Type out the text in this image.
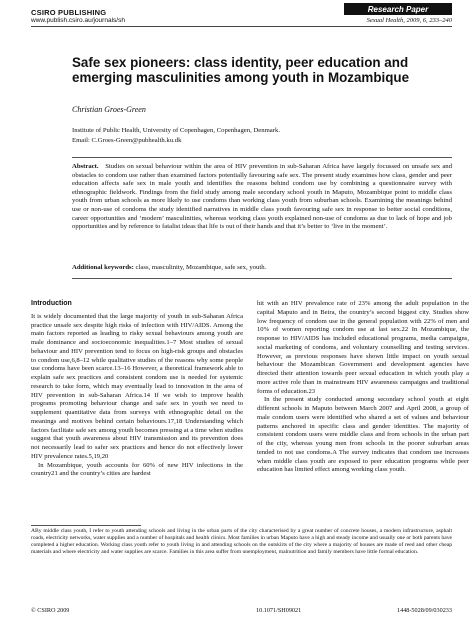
CSIRO PUBLISHING
www.publish.csiro.au/journals/sh
Research Paper
Sexual Health, 2009, 6, 233–240
Safe sex pioneers: class identity, peer education and emerging masculinities among youth in Mozambique
Christian Groes-Green
Institute of Public Health, University of Copenhagen, Copenhagen, Denmark.
Email: C.Groes-Green@pubhealth.ku.dk

Abstract. Studies on sexual behaviour within the area of HIV prevention in sub-Saharan Africa have largely focussed on unsafe sex and obstacles to condom use rather than examined factors potentially favouring safe sex. The present study examines how class, gender and peer education affects safe sex in male youth and identifies the reasons behind condom use by combining a questionnaire survey with ethnographic fieldwork. Findings from the field study among male secondary school youth in Maputo, Mozambique point to middle class youth from urban schools as more likely to use condoms than working class youth from suburban schools. Examining the meanings behind use or non-use of condoms the study identified narratives in middle class youth favouring safe sex in response to better social conditions, career opportunities and ‘modern’ masculinities, whereas working class youth explained non-use of condoms as due to lack of hope and job opportunities and by reference to fatalist ideas that life is out of their hands and that it’s better to ‘live in the moment’.

Additional keywords: class, masculinity, Mozambique, safe sex, youth.

Introduction

It is widely documented that the large majority of youth in sub-Saharan Africa practice unsafe sex despite high risks of infection with HIV/AIDS. Among the main factors reported as leading to risky sexual behaviours among youth are male dominance and socioeconomic inequalities.1–7 Most studies of sexual behaviour and HIV prevention tend to focus on high-risk groups and obstacles to condom use,6,8–12 while qualitative studies of the reasons why some people use condoms have been scarce.13–16 However, a theoretical framework able to explain safe sex practices and consistent condom use is needed for systemic research to take form, which may eventually lead to innovation in the area of HIV prevention in sub-Saharan Africa.14 If we wish to improve health programs promoting behaviour change and safe sex in youth we need to supplement quantitative data from surveys with ethnographic detail on the meanings and motives behind certain behaviours.17,18 Understanding which factors facilitate safe sex among youth becomes pressing at a time when studies suggest that youth awareness about HIV transmission and its prevention does not necessarily lead to safer sex practices and hence do not effectively lower HIV prevalence rates.5,19,20

In Mozambique, youth accounts for 60% of new HIV infections in the country21 and the country’s cities are hardest

hit with an HIV prevalence rate of 23% among the adult population in the capital Maputo and in Beira, the country’s second biggest city. Studies show low frequency of condom use in the general population with 22% of men and 10% of women reporting condom use at last sex.22 In Mozambique, the response to HIV/AIDS has included educational programs, media campaigns, social marketing of condoms, and voluntary counselling and testing services. However, as previous responses have shown little impact on youth sexual behaviour the Mozambican Government and development agencies have directed their attention towards peer sexual education in which youth play a more active role than in mainstream HIV awareness campaigns and traditional forms of education.23

In the present study conducted among secondary school youth at eight different schools in Maputo between March 2007 and April 2008, a group of male condom users were identified who shared a set of values and behaviour patterns anchored in specific class and gender identities. The majority of consistent condom users were middle class and from schools in the urban part of the city, whereas young men from schools in the poorer suburban areas tended to not use condoms.A The survey indicates that condom use increases when middle class youth are exposed to peer education programs while peer education has limited effect among working class youth.

ABy middle class youth, I refer to youth attending schools and living in the urban parts of the city characterised by a great number of concrete houses, a modern infrastructure, asphalt roads, electricity networks, water supplies and a number of hospitals and health clinics. Most families in urban Maputo have a high and steady income and usually one or both parents have completed a higher education. Working class youth refer to youth living in and attending schools on the outskirts of the city where a majority of houses are made of reed and other cheap materials and where electricity and water supplies are scarce. Families in this area suffer from unemployment, malnutrition and family members have little formal education.

© CSIRO 2009	10.1071/SH09021	1448-5028/09/030233
